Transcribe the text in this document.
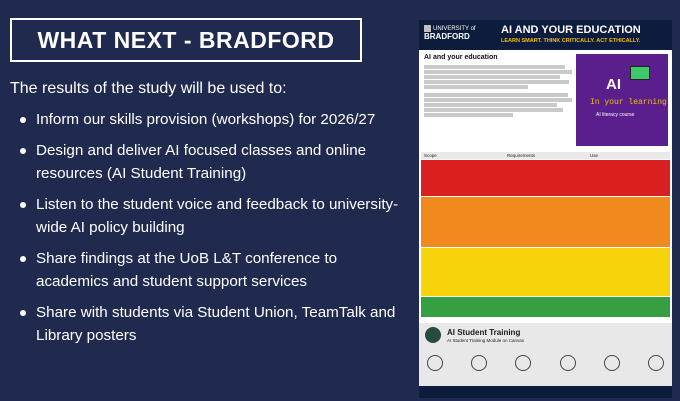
WHAT NEXT - BRADFORD
The results of the study will be used to:
Inform our skills provision (workshops) for 2026/27
Design and deliver AI focused classes and online resources (AI Student Training)
Listen to the student voice and feedback to university-wide AI policy building
Share findings at the UoB L&T conference to academics and student support services
Share with students via Student Union, TeamTalk and Library posters
UNIVERSITY of
BRADFORD
AI AND YOUR EDUCATION
LEARN SMART. THINK CRITICALLY. ACT ETHICALLY.
AI and your education
AI
In your learning
AI literacy course
Scope	Requirements	Use
AI Student Training
AI Student Training Module on Canvas
